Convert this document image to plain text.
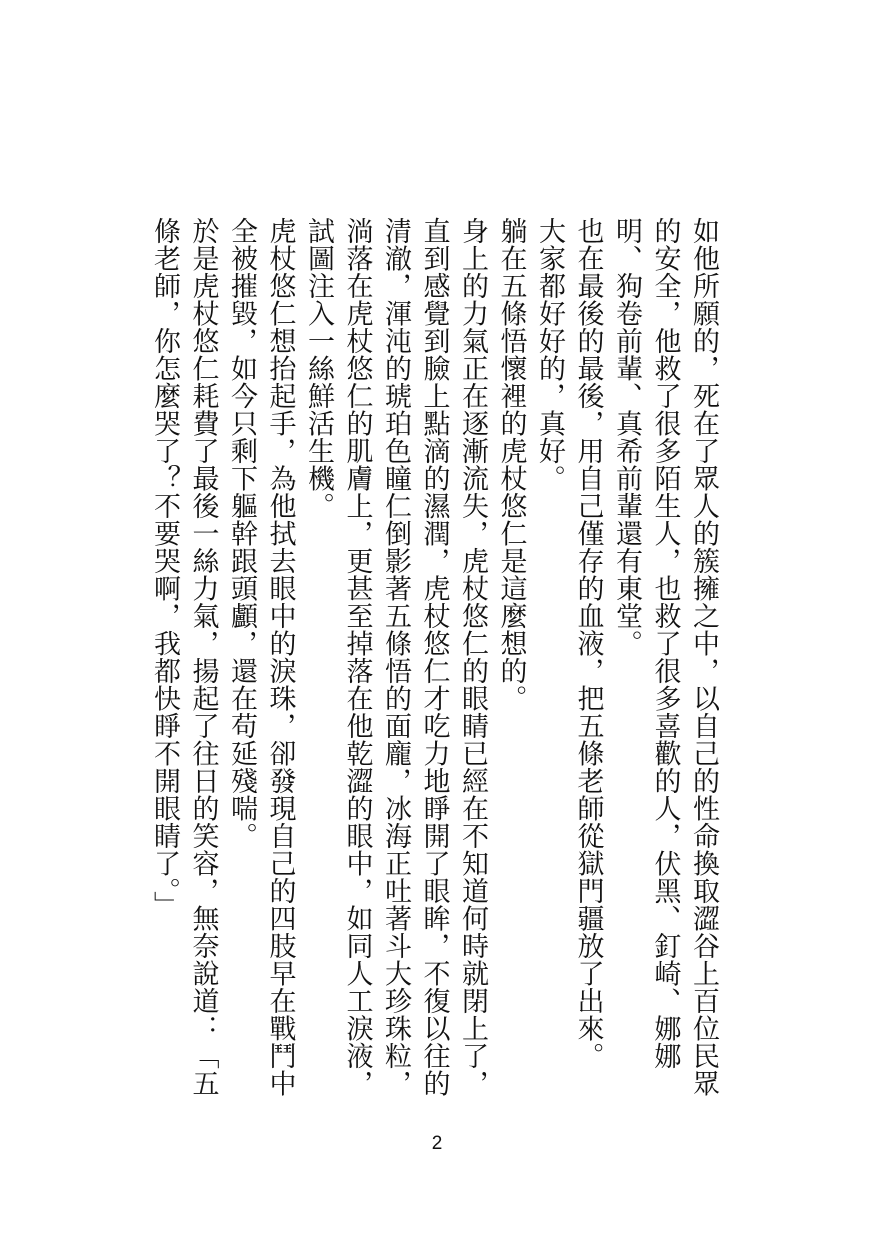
如他所願的，死在了眾人的簇擁之中，以自己的性命換取澀谷上百位民眾的安全，他救了很多陌生人，也救了很多喜歡的人，伏黑、釘崎、娜娜明、狗卷前輩、真希前輩還有東堂。

也在最後的最後，用自己僅存的血液，把五條老師從獄門疆放了出來。

大家都好好的，真好。

躺在五條悟懷裡的虎杖悠仁是這麼想的。

身上的力氣正在逐漸流失，虎杖悠仁的眼睛已經在不知道何時就閉上了，直到感覺到臉上點滴的濕潤，虎杖悠仁才吃力地睜開了眼眸，不復以往的清澈，渾沌的琥珀色瞳仁倒影著五條悟的面龐，冰海正吐著斗大珍珠粒，淌落在虎杖悠仁的肌膚上，更甚至掉落在他乾澀的眼中，如同人工淚液，試圖注入一絲鮮活生機。

虎杖悠仁想抬起手，為他拭去眼中的淚珠，卻發現自己的四肢早在戰鬥中全被摧毀，如今只剩下軀幹跟頭顱，還在苟延殘喘。

於是虎杖悠仁耗費了最後一絲力氣，揚起了往日的笑容，無奈說道：「五條老師，你怎麼哭了？不要哭啊，我都快睜不開眼睛了。」

2
